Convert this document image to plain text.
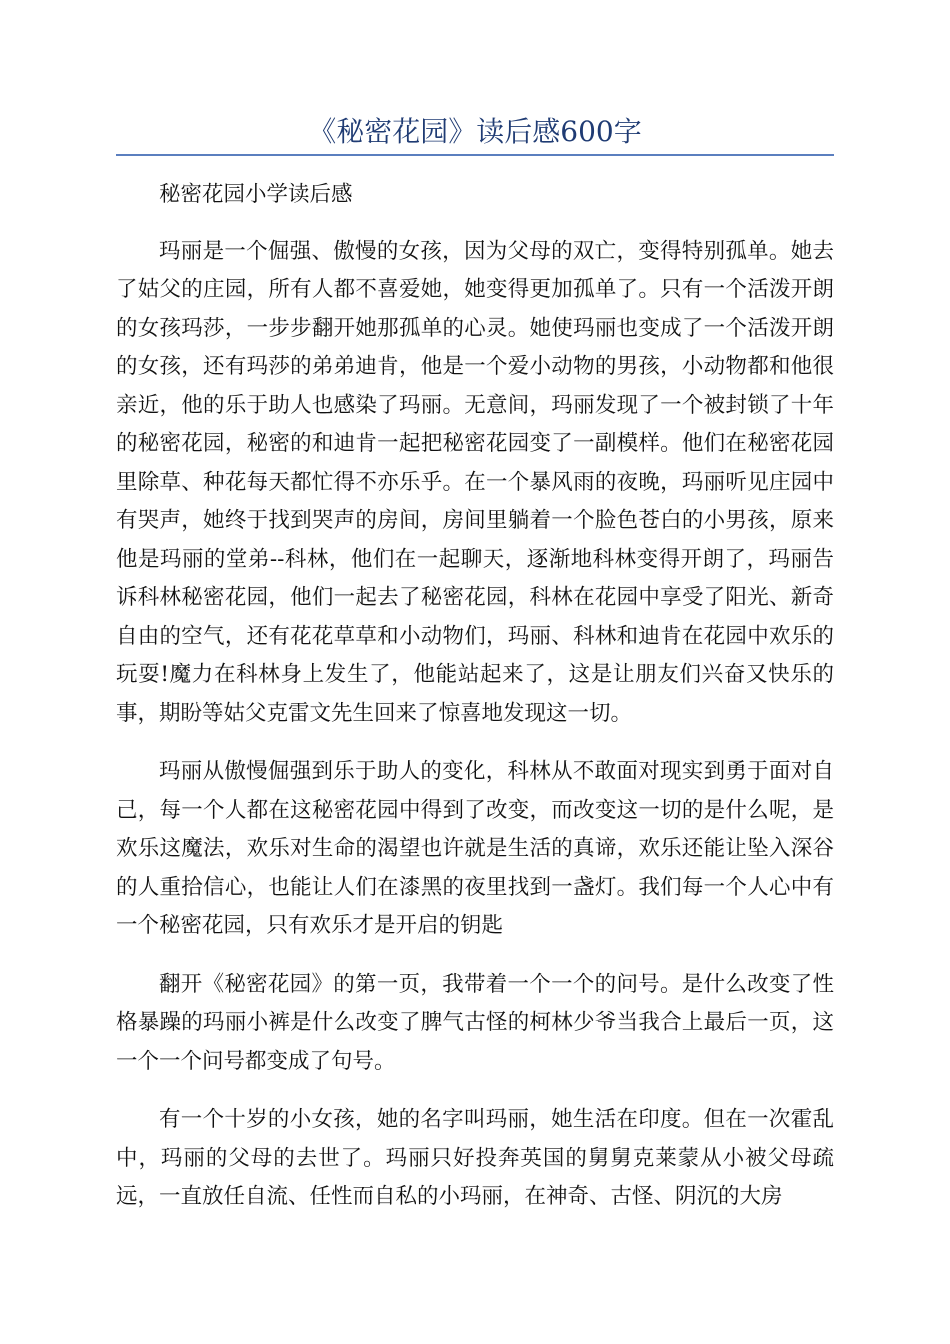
《秘密花园》读后感600字

秘密花园小学读后感

玛丽是一个倔强、傲慢的女孩，因为父母的双亡，变得特别孤单。她去了姑父的庄园，所有人都不喜爱她，她变得更加孤单了。只有一个活泼开朗的女孩玛莎，一步步翻开她那孤单的心灵。她使玛丽也变成了一个活泼开朗的女孩，还有玛莎的弟弟迪肯，他是一个爱小动物的男孩，小动物都和他很亲近，他的乐于助人也感染了玛丽。无意间，玛丽发现了一个被封锁了十年的秘密花园，秘密的和迪肯一起把秘密花园变了一副模样。他们在秘密花园里除草、种花每天都忙得不亦乐乎。在一个暴风雨的夜晚，玛丽听见庄园中有哭声，她终于找到哭声的房间，房间里躺着一个脸色苍白的小男孩，原来他是玛丽的堂弟--科林，他们在一起聊天，逐渐地科林变得开朗了，玛丽告诉科林秘密花园，他们一起去了秘密花园，科林在花园中享受了阳光、新奇自由的空气，还有花花草草和小动物们，玛丽、科林和迪肯在花园中欢乐的玩耍!魔力在科林身上发生了，他能站起来了，这是让朋友们兴奋又快乐的事，期盼等姑父克雷文先生回来了惊喜地发现这一切。

玛丽从傲慢倔强到乐于助人的变化，科林从不敢面对现实到勇于面对自己，每一个人都在这秘密花园中得到了改变，而改变这一切的是什么呢，是欢乐这魔法，欢乐对生命的渴望也许就是生活的真谛，欢乐还能让坠入深谷的人重拾信心，也能让人们在漆黑的夜里找到一盏灯。我们每一个人心中有一个秘密花园，只有欢乐才是开启的钥匙

翻开《秘密花园》的第一页，我带着一个一个的问号。是什么改变了性格暴躁的玛丽小裤是什么改变了脾气古怪的柯林少爷当我合上最后一页，这一个一个问号都变成了句号。

有一个十岁的小女孩，她的名字叫玛丽，她生活在印度。但在一次霍乱中，玛丽的父母的去世了。玛丽只好投奔英国的舅舅克莱蒙从小被父母疏远，一直放任自流、任性而自私的小玛丽，在神奇、古怪、阴沉的大房
